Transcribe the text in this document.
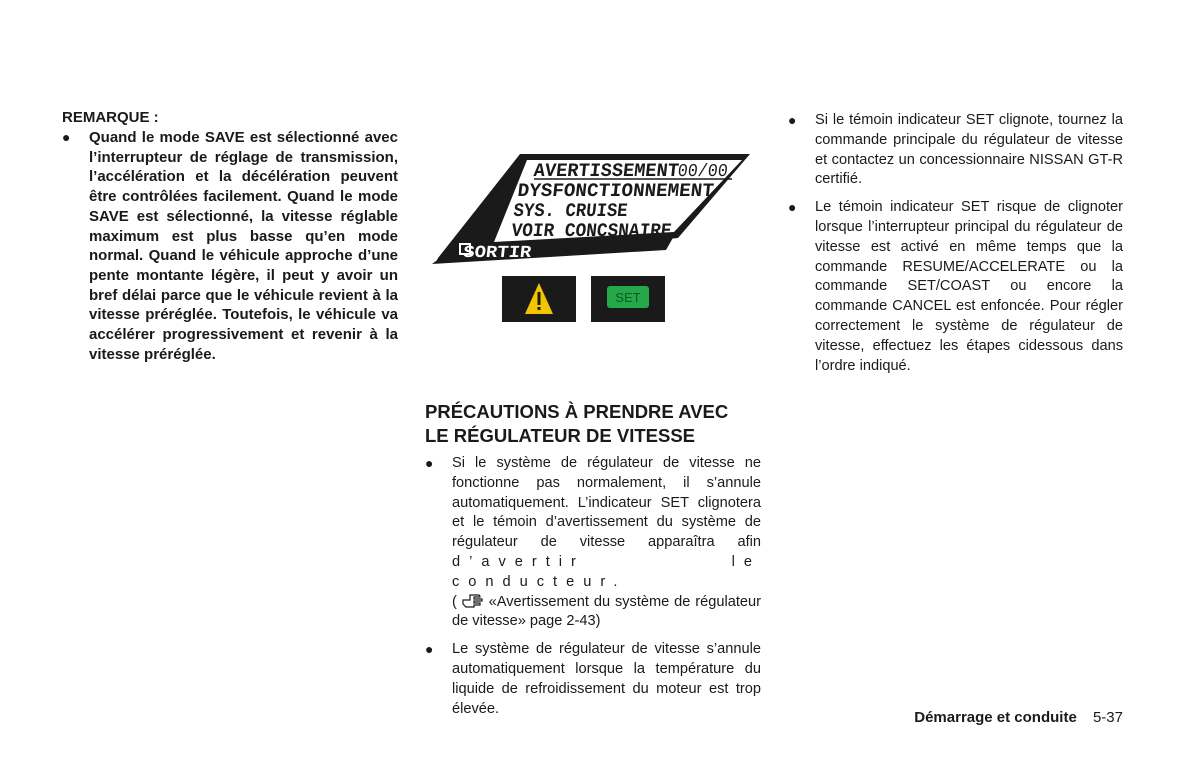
REMARQUE :

● Quand le mode SAVE est sélectionné avec l’interrupteur de réglage de transmission, l’accélération et la décélération peuvent être contrôlées facilement. Quand le mode SAVE est sélectionné, la vitesse réglable maximum est plus basse qu’en mode normal. Quand le véhicule approche d’une pente montante légère, il peut y avoir un bref délai parce que le véhicule revient à la vitesse préréglée. Toutefois, le véhicule va accélérer progressivement et revenir à la vitesse préréglée.

AVERTISSEMENT
00/00
DYSFONCTIONNEMENT
SYS. CRUISE
VOIR CONCSNAIRE
SORTIR
SET

PRÉCAUTIONS À PRENDRE AVEC
LE RÉGULATEUR DE VITESSE

● Si le système de régulateur de vitesse ne fonctionne pas normalement, il s’annule automatiquement. L’indicateur SET clignotera et le témoin d’avertissement du système de régulateur de vitesse apparaîtra afin d’avertir le conducteur.
( «Avertissement du système de régulateur de vitesse» page 2-43)

● Le système de régulateur de vitesse s’annule automatiquement lorsque la température du liquide de refroidissement du moteur est trop élevée.

● Si le témoin indicateur SET clignote, tournez la commande principale du régulateur de vitesse et contactez un concessionnaire NISSAN GT-R certifié.

● Le témoin indicateur SET risque de clignoter lorsque l’interrupteur principal du régulateur de vitesse est activé en même temps que la commande RESUME/ACCELERATE ou la commande SET/COAST ou encore la commande CANCEL est enfoncée. Pour régler correctement le système de régulateur de vitesse, effectuez les étapes cidessous dans l’ordre indiqué.

Démarrage et conduite 5-37
